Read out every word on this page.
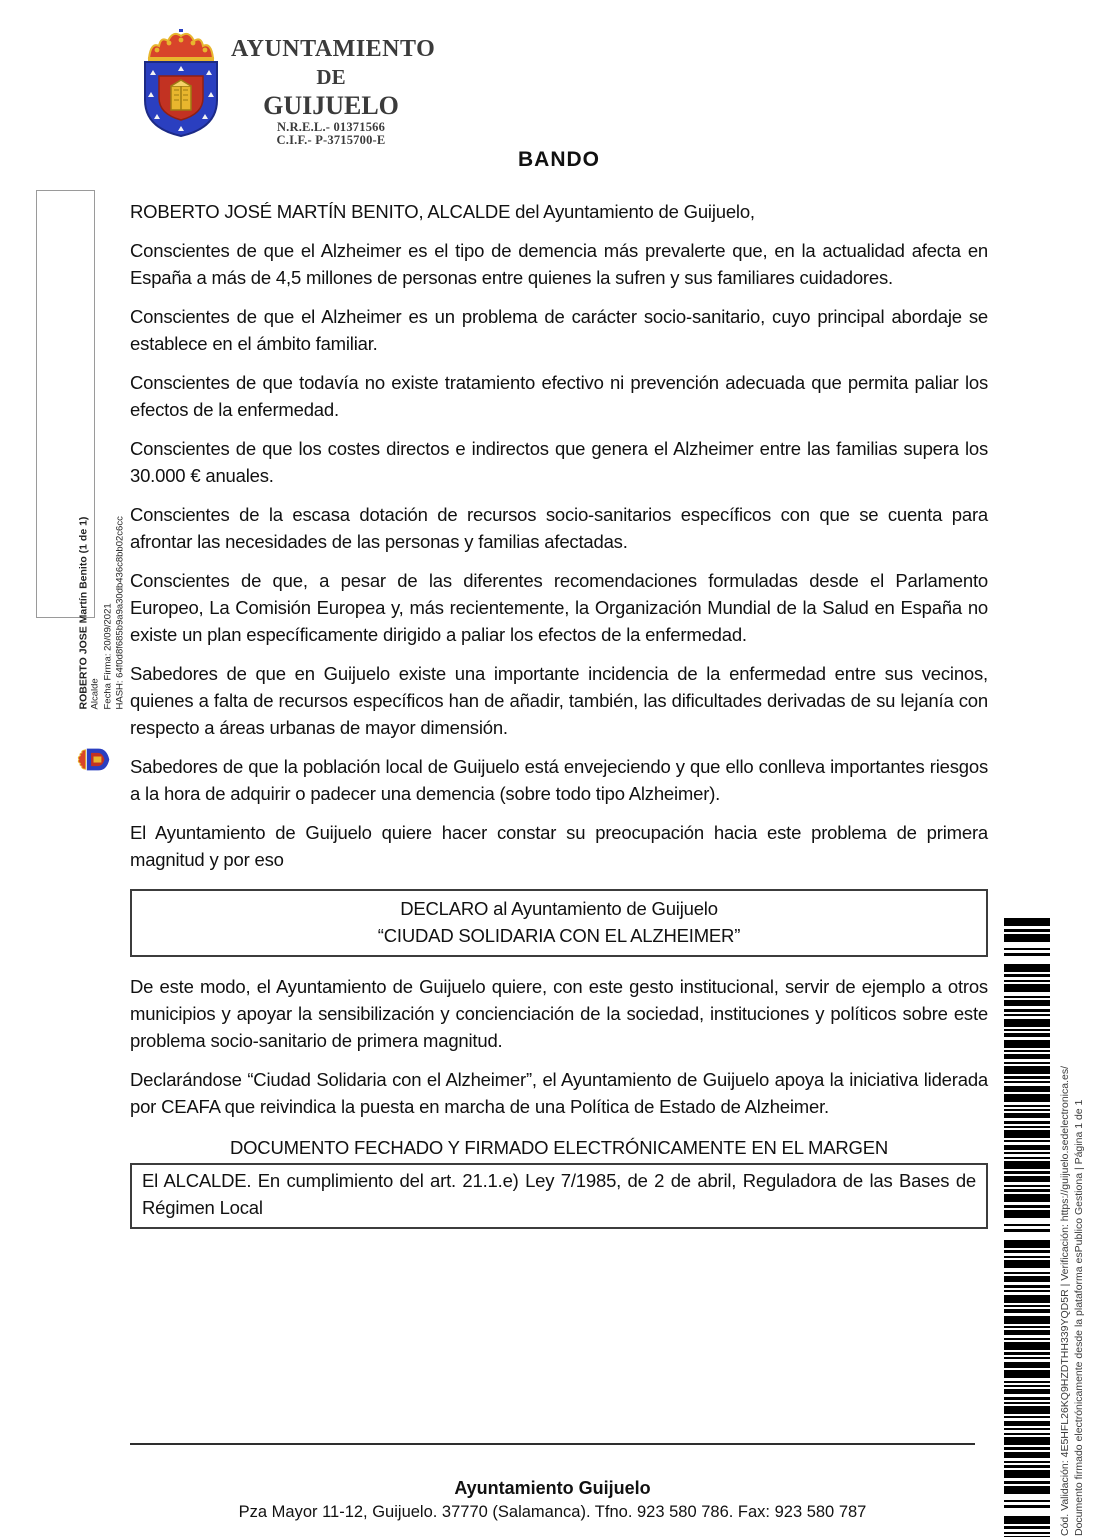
AYUNTAMIENTO
DE
GUIJUELO
N.R.E.L.- 01371566
C.I.F.- P-3715700-E
BANDO
ROBERTO JOSE Martín Benito (1 de 1) Alcalde Fecha Firma: 20/09/2021 HASH: 64f0d8f685b9a9a30db436c8bb02c6cc

ROBERTO JOSÉ MARTÍN BENITO, ALCALDE del Ayuntamiento de Guijuelo,

Conscientes de que el Alzheimer es el tipo de demencia más prevalerte que, en la actualidad afecta en España a más de 4,5 millones de personas entre quienes la sufren y sus familiares cuidadores.

Conscientes de que el Alzheimer es un problema de carácter socio-sanitario, cuyo principal abordaje se establece en el ámbito familiar.

Conscientes de que todavía no existe tratamiento efectivo ni prevención adecuada que permita paliar los efectos de la enfermedad.

Conscientes de que los costes directos e indirectos que genera el Alzheimer entre las familias supera los 30.000 € anuales.

Conscientes de la escasa dotación de recursos socio-sanitarios específicos con que se cuenta para afrontar las necesidades de las personas y familias afectadas.

Conscientes de que, a pesar de las diferentes recomendaciones formuladas desde el Parlamento Europeo, La Comisión Europea y, más recientemente, la Organización Mundial de la Salud en España no existe un plan específicamente dirigido a paliar los efectos de la enfermedad.

Sabedores de que en Guijuelo existe una importante incidencia de la enfermedad entre sus vecinos, quienes a falta de recursos específicos han de añadir, también, las dificultades derivadas de su lejanía con respecto a áreas urbanas de mayor dimensión.

Sabedores de que la población local de Guijuelo está envejeciendo y que ello conlleva importantes riesgos a la hora de adquirir o padecer una demencia (sobre todo tipo Alzheimer).

El Ayuntamiento de Guijuelo quiere hacer constar su preocupación hacia este problema de primera magnitud y por eso

DECLARO al Ayuntamiento de Guijuelo
“CIUDAD SOLIDARIA CON EL ALZHEIMER”

De este modo, el Ayuntamiento de Guijuelo quiere, con este gesto institucional, servir de ejemplo a otros municipios y apoyar la sensibilización y concienciación de la sociedad, instituciones y políticos sobre este problema socio-sanitario de primera magnitud.

Declarándose “Ciudad Solidaria con el Alzheimer”, el Ayuntamiento de Guijuelo apoya la iniciativa liderada por CEAFA que reivindica la puesta en marcha de una Política de Estado de Alzheimer.

DOCUMENTO FECHADO Y FIRMADO ELECTRÓNICAMENTE EN EL MARGEN
El ALCALDE. En cumplimiento del art. 21.1.e) Ley 7/1985, de 2 de abril, Reguladora de las Bases de Régimen Local
Ayuntamiento Guijuelo
Pza Mayor 11-12, Guijuelo. 37770 (Salamanca). Tfno. 923 580 786. Fax: 923 580 787	Cód. Validación: 4E5HFL26KQ9HZDTHH339YQD5R | Verificación: https://guijuelo.sedelectronica.es/ Documento firmado electrónicamente desde la plataforma esPublico Gestiona | Página 1 de 1
